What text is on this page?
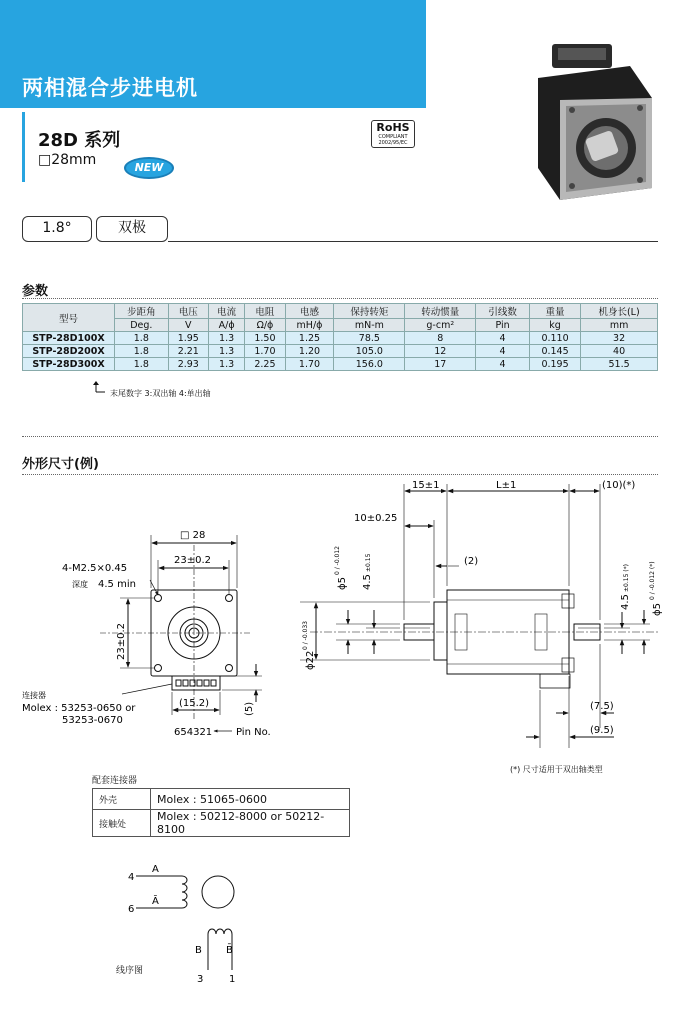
两相混合步进电机
28D 系列
□28mm	NEW
RoHS
COMPLIANT
2002/95/EC
1.8°	双极
参数
型号	步距角	电压	电流	电阻	电感	保持转矩	转动惯量	引线数	重量	机身长(L)
	Deg.	V	A/ϕ	Ω/ϕ	mH/ϕ	mN-m	g-cm²	Pin	kg	mm
STP-28D100X	1.8	1.95	1.3	1.50	1.25	78.5	8	4	0.110	32
STP-28D200X	1.8	2.21	1.3	1.70	1.20	105.0	12	4	0.145	40
STP-28D300X	1.8	2.93	1.3	2.25	1.70	156.0	17	4	0.195	51.5
末尾数字 3:双出轴 4:单出轴
外形尺寸(例)
□ 28
23±0.2
23±0.2
4-M2.5×0.45
深度 4.5 min
连接器
Molex : 53253-0650 or
53253-0670
(15.2)	(5)
654321 Pin No.
15±1	L±1	(10)(*)
10±0.25
(2)
ϕ5
0 / -0.012
4.5
±0.15
ϕ22
0 / -0.033
4.5
±0.15 (*)
ϕ5
0 / -0.012 (*)
(7.5)
(9.5)
4
6
A
Ā
B B̄
3	1
(*) 尺寸适用于双出轴类型
配套连接器
外壳	Molex : 51065-0600
接触处	Molex : 50212-8000 or 50212-8100
线序图
